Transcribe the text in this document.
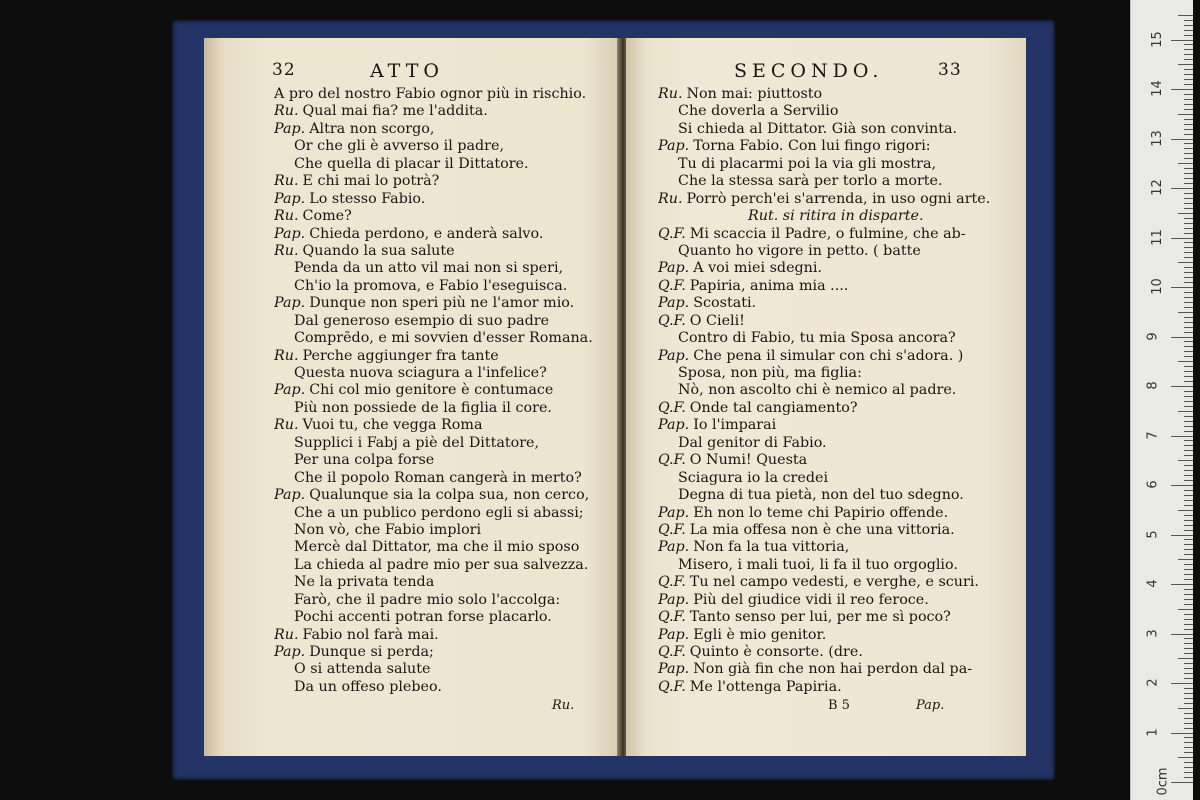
32	ATTO
A pro del nostro Fabio ognor più in rischio.
Ru. Qual mai fia? me l'addita.
Pap. Altra non scorgo,
Or che gli è avverso il padre,
Che quella di placar il Dittatore.
Ru. E chi mai lo potrà?
Pap. Lo stesso Fabio.
Ru. Come?
Pap. Chieda perdono, e anderà salvo.
Ru. Quando la sua salute
Penda da un atto vil mai non si speri,
Ch'io la promova, e Fabio l'eseguisca.
Pap. Dunque non speri più ne l'amor mio.
Dal generoso esempio di suo padre
Comprēdo, e mi sovvien d'esser Romana.
Ru. Perche aggiunger fra tante
Questa nuova sciagura a l'infelice?
Pap. Chi col mio genitore è contumace
Più non possiede de la figlia il core.
Ru. Vuoi tu, che vegga Roma
Supplici i Fabj a piè del Dittatore,
Per una colpa forse
Che il popolo Roman cangerà in merto?
Pap. Qualunque sia la colpa sua, non cerco,
Che a un publico perdono egli si abassi;
Non vò, che Fabio implori
Mercè dal Dittator, ma che il mio sposo
La chieda al padre mio per sua salvezza.
Ne la privata tenda
Farò, che il padre mio solo l'accolga:
Pochi accenti potran forse placarlo.
Ru. Fabio nol farà mai.
Pap. Dunque si perda;
O si attenda salute
Da un offeso plebeo.
Ru.
SECONDO.	33
Ru. Non mai: piuttosto
Che doverla a Servilio
Si chieda al Dittator. Già son convinta.
Pap. Torna Fabio. Con lui fingo rigori:
Tu di placarmi poi la via gli mostra,
Che la stessa sarà per torlo a morte.
Ru. Porrò perch'ei s'arrenda, in uso ogni arte.
Rut. si ritira in disparte.
Q.F. Mi scaccia il Padre, o fulmine, che ab-
Quanto ho vigore in petto. ( batte
Pap. A voi miei sdegni.
Q.F. Papiria, anima mia ....
Pap. Scostati.
Q.F. O Cieli!
Contro di Fabio, tu mia Sposa ancora?
Pap. Che pena il simular con chi s'adora. )
Sposa, non più, ma figlia:
Nò, non ascolto chi è nemico al padre.
Q.F. Onde tal cangiamento?
Pap. Io l'imparai
Dal genitor di Fabio.
Q.F. O Numi! Questa
Sciagura io la credei
Degna di tua pietà, non del tuo sdegno.
Pap. Eh non lo teme chi Papirio offende.
Q.F. La mia offesa non è che una vittoria.
Pap. Non fa la tua vittoria,
Misero, i mali tuoi, li fa il tuo orgoglio.
Q.F. Tu nel campo vedesti, e verghe, e scuri.
Pap. Più del giudice vidi il reo feroce.
Q.F. Tanto senso per lui, per me sì poco?
Pap. Egli è mio genitor.
Q.F. Quinto è consorte. (dre.
Pap. Non già fin che non hai perdon dal pa-
Q.F. Me l'ottenga Papiria.
B 5	Pap.
0cm
1
2
3
4
5
6
7
8
9
10
11
12
13
14
15
